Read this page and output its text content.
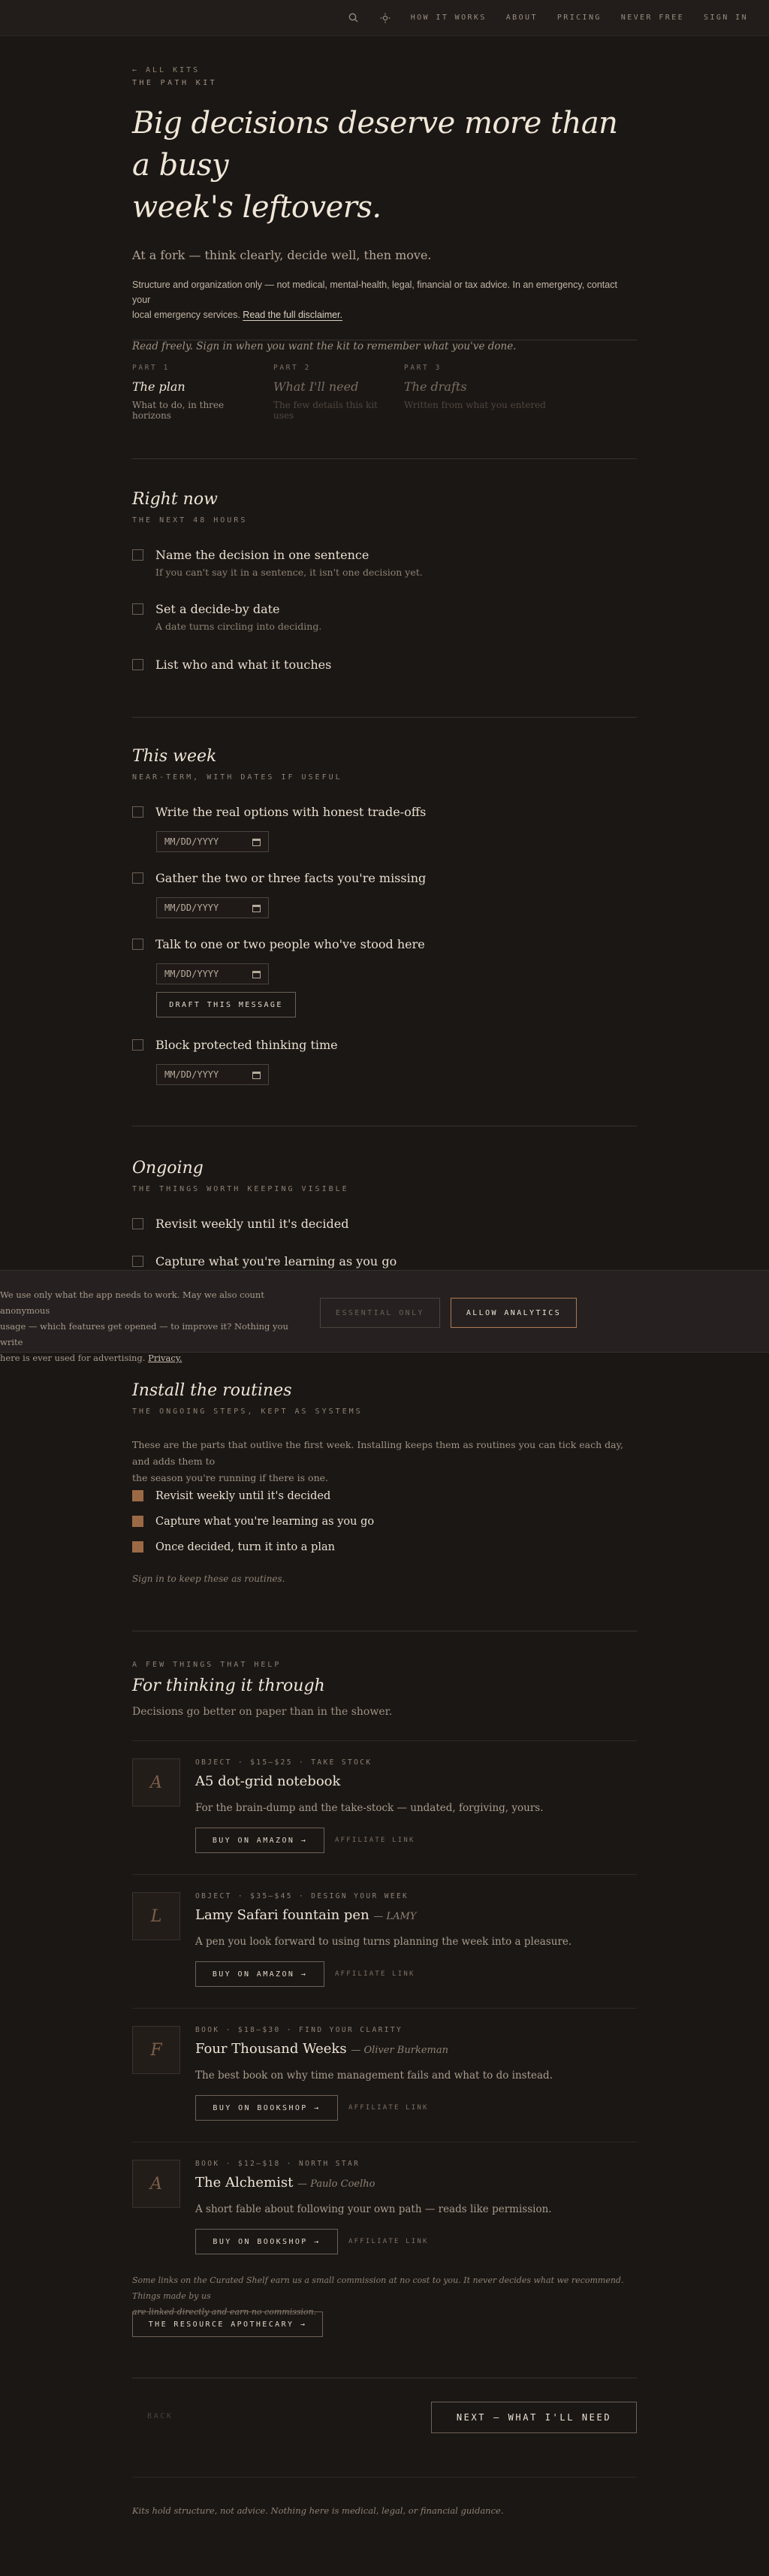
HOW IT WORKS	ABOUT	PRICING	NEVER FREE	SIGN IN
← ALL KITS
THE PATH KIT
Big decisions deserve more than a busy
week's leftovers.
At a fork — think clearly, decide well, then move.
Structure and organization only — not medical, mental-health, legal, financial or tax advice. In an emergency, contact your
local emergency services. Read the full disclaimer.
Read freely. Sign in when you want the kit to remember what you've done.
PART 1
The plan
What to do, in three horizons
PART 2
What I'll need
The few details this kit uses
PART 3
The drafts
Written from what you entered
Right now
THE NEXT 48 HOURS
Name the decision in one sentence
If you can't say it in a sentence, it isn't one decision yet.
Set a decide-by date
A date turns circling into deciding.
List who and what it touches
This week
NEAR-TERM, WITH DATES IF USEFUL
Write the real options with honest trade-offs
MM/DD/YYYY
Gather the two or three facts you're missing
MM/DD/YYYY
Talk to one or two people who've stood here
MM/DD/YYYY
DRAFT THIS MESSAGE
Block protected thinking time
MM/DD/YYYY
Ongoing
THE THINGS WORTH KEEPING VISIBLE
Revisit weekly until it's decided
Capture what you're learning as you go
We use only what the app needs to work. May we also count anonymous
usage — which features get opened — to improve it? Nothing you write
here is ever used for advertising. Privacy.
ESSENTIAL ONLY	ALLOW ANALYTICS
Install the routines
THE ONGOING STEPS, KEPT AS SYSTEMS
These are the parts that outlive the first week. Installing keeps them as routines you can tick each day, and adds them to
the season you're running if there is one.
Revisit weekly until it's decided
Capture what you're learning as you go
Once decided, turn it into a plan
Sign in to keep these as routines.
A FEW THINGS THAT HELP
For thinking it through
Decisions go better on paper than in the shower.
A
OBJECT · $15–$25 · TAKE STOCK
A5 dot-grid notebook
For the brain-dump and the take-stock — undated, forgiving, yours.
BUY ON AMAZON →	AFFILIATE LINK
L
OBJECT · $35–$45 · DESIGN YOUR WEEK
Lamy Safari fountain pen — LAMY
A pen you look forward to using turns planning the week into a pleasure.
BUY ON AMAZON →	AFFILIATE LINK
F
BOOK · $18–$30 · FIND YOUR CLARITY
Four Thousand Weeks — Oliver Burkeman
The best book on why time management fails and what to do instead.
BUY ON BOOKSHOP →	AFFILIATE LINK
A
BOOK · $12–$18 · NORTH STAR
The Alchemist — Paulo Coelho
A short fable about following your own path — reads like permission.
BUY ON BOOKSHOP →	AFFILIATE LINK
Some links on the Curated Shelf earn us a small commission at no cost to you. It never decides what we recommend. Things made by us
are linked directly and earn no commission.
THE RESOURCE APOTHECARY →
BACK	NEXT — WHAT I'LL NEED
Kits hold structure, not advice. Nothing here is medical, legal, or financial guidance.
